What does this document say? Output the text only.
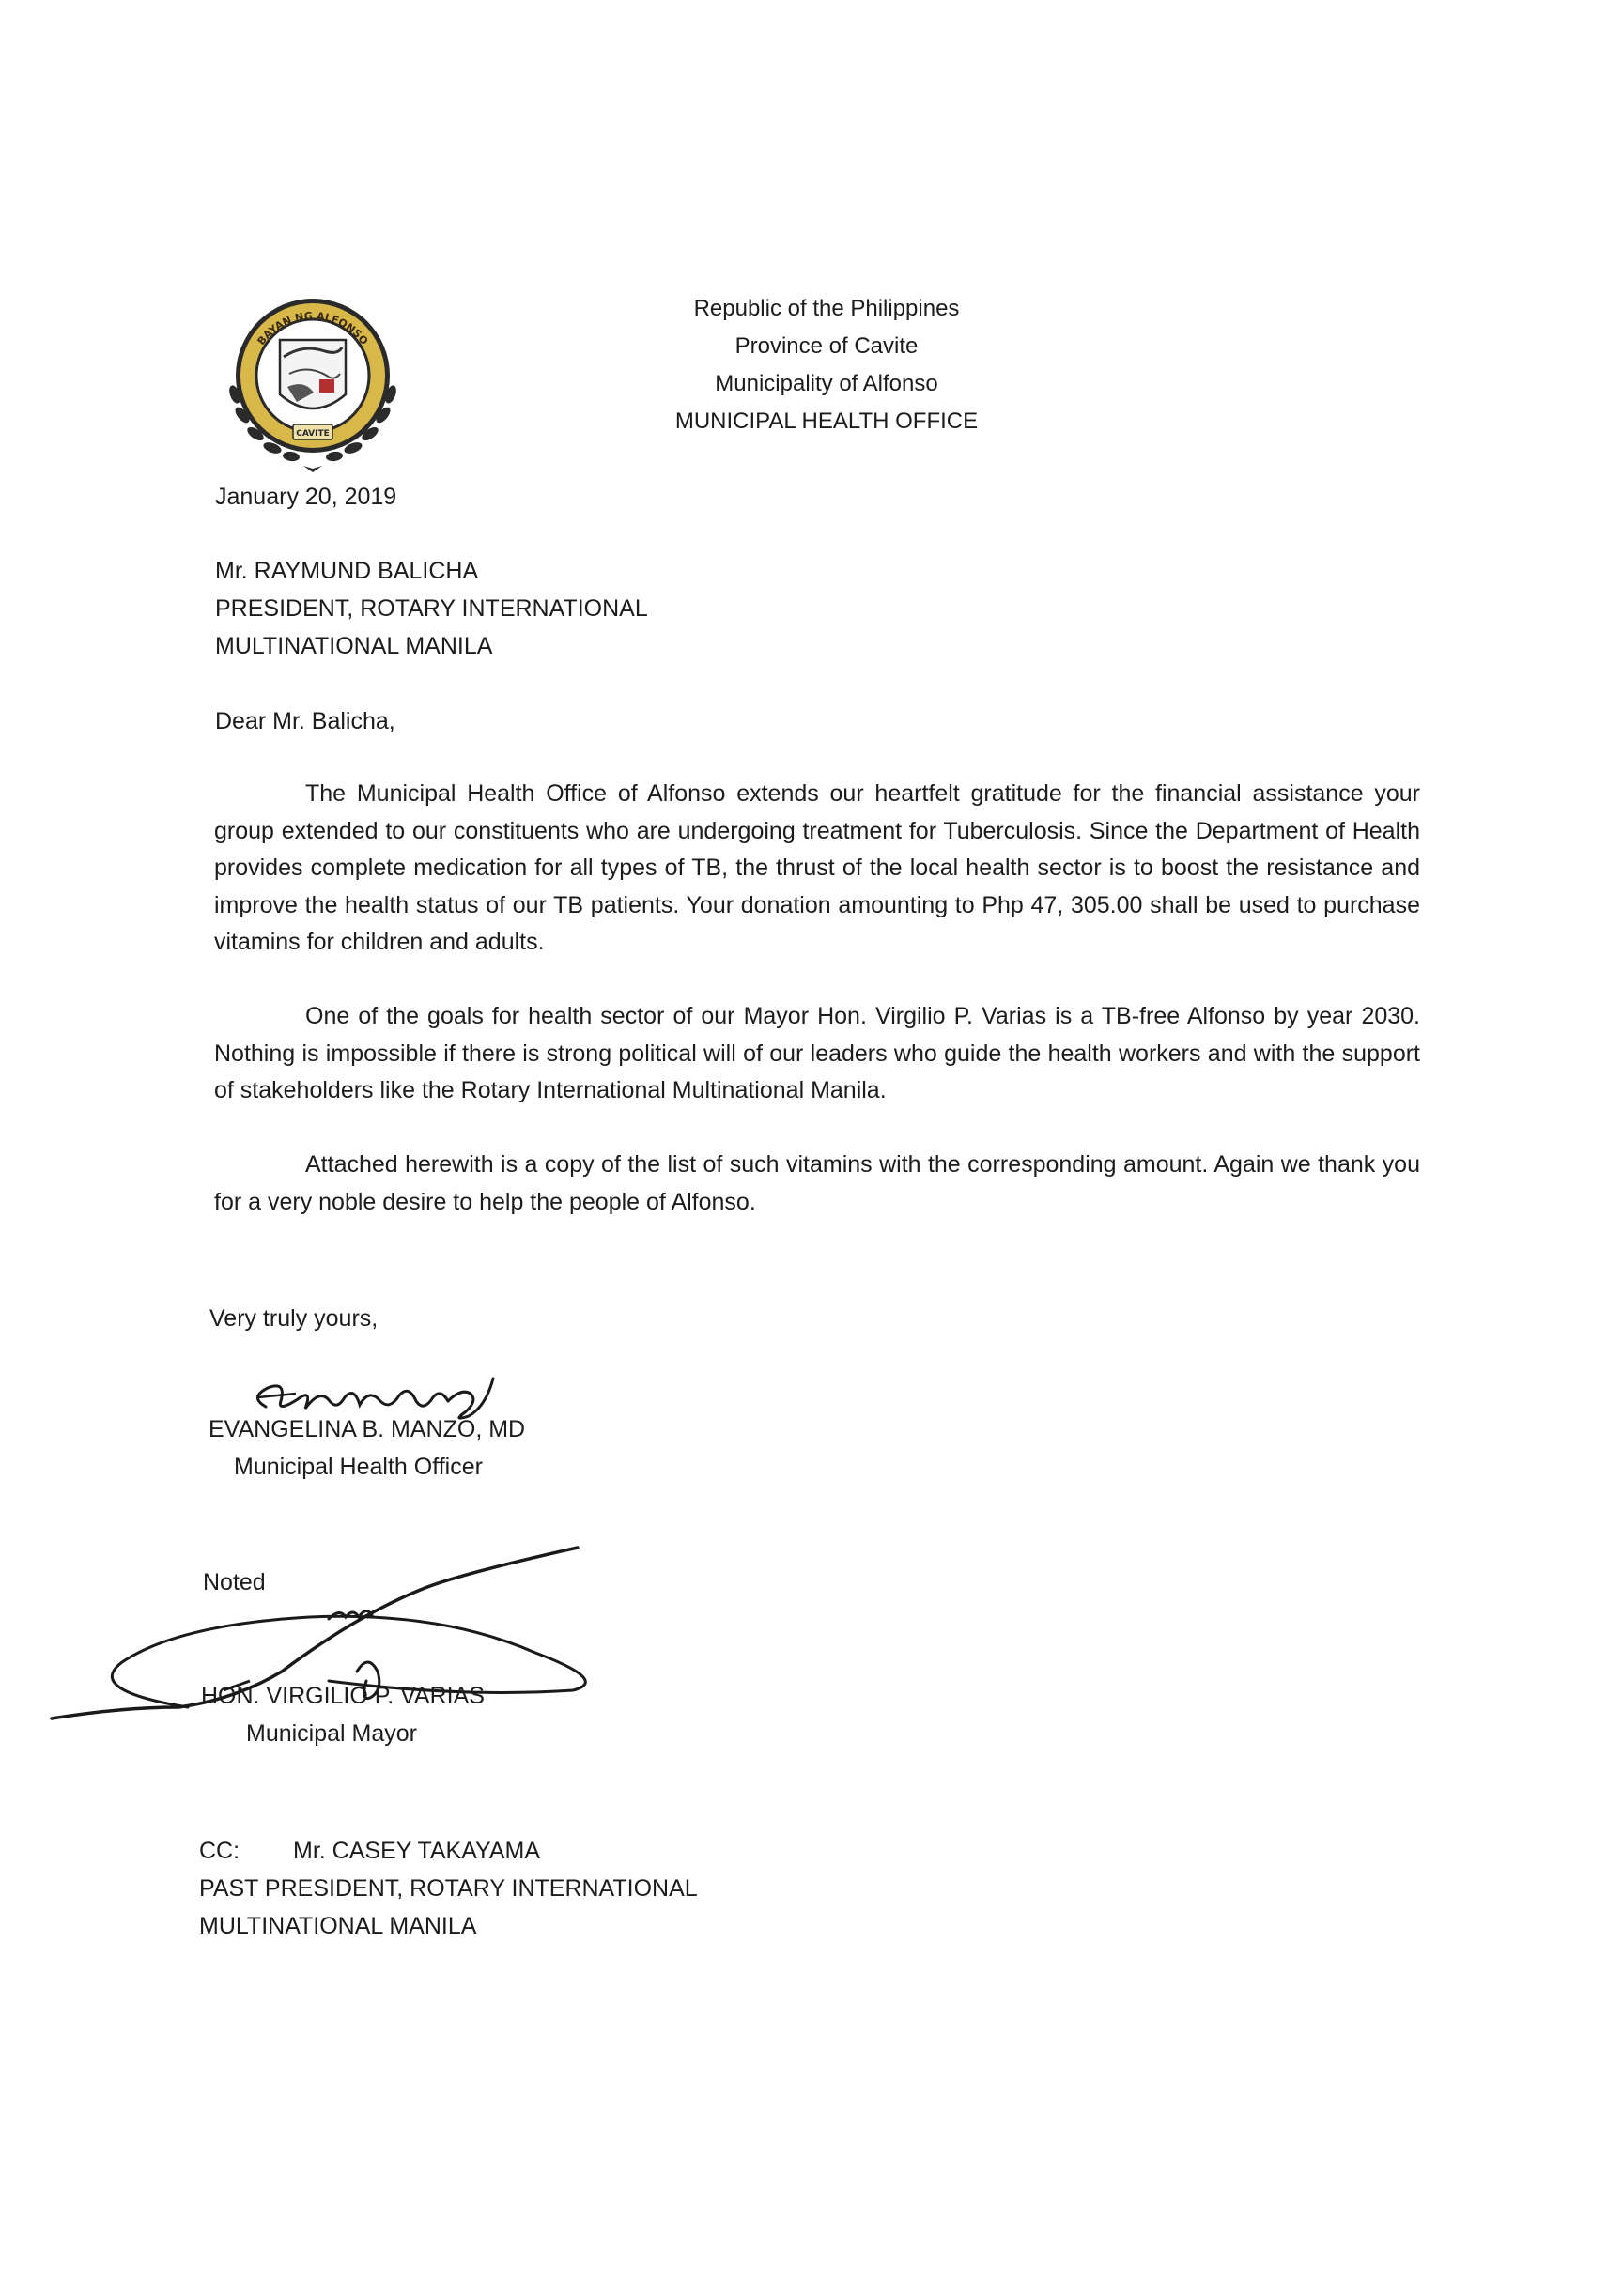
BAYAN NG ALFONSO
CAVITE
Republic of the Philippines
Province of Cavite
Municipality of Alfonso
MUNICIPAL HEALTH OFFICE
January 20, 2019
Mr. RAYMUND BALICHA
PRESIDENT, ROTARY INTERNATIONAL
MULTINATIONAL MANILA
Dear Mr. Balicha,
The Municipal Health Office of Alfonso extends our heartfelt gratitude for the financial assistance your group extended to our constituents who are undergoing treatment for Tuberculosis. Since the Department of Health provides complete medication for all types of TB, the thrust of the local health sector is to boost the resistance and improve the health status of our TB patients. Your donation amounting to Php 47, 305.00 shall be used to purchase vitamins for children and adults.
One of the goals for health sector of our Mayor Hon. Virgilio P. Varias is a TB-free Alfonso by year 2030. Nothing is impossible if there is strong political will of our leaders who guide the health workers and with the support of stakeholders like the Rotary International Multinational Manila.
Attached herewith is a copy of the list of such vitamins with the corresponding amount. Again we thank you for a very noble desire to help the people of Alfonso.
Very truly yours,
EVANGELINA B. MANZO, MD
Municipal Health Officer
Noted
HON. VIRGILIO P. VARIAS
Municipal Mayor
CC: Mr. CASEY TAKAYAMA
PAST PRESIDENT, ROTARY INTERNATIONAL
MULTINATIONAL MANILA
